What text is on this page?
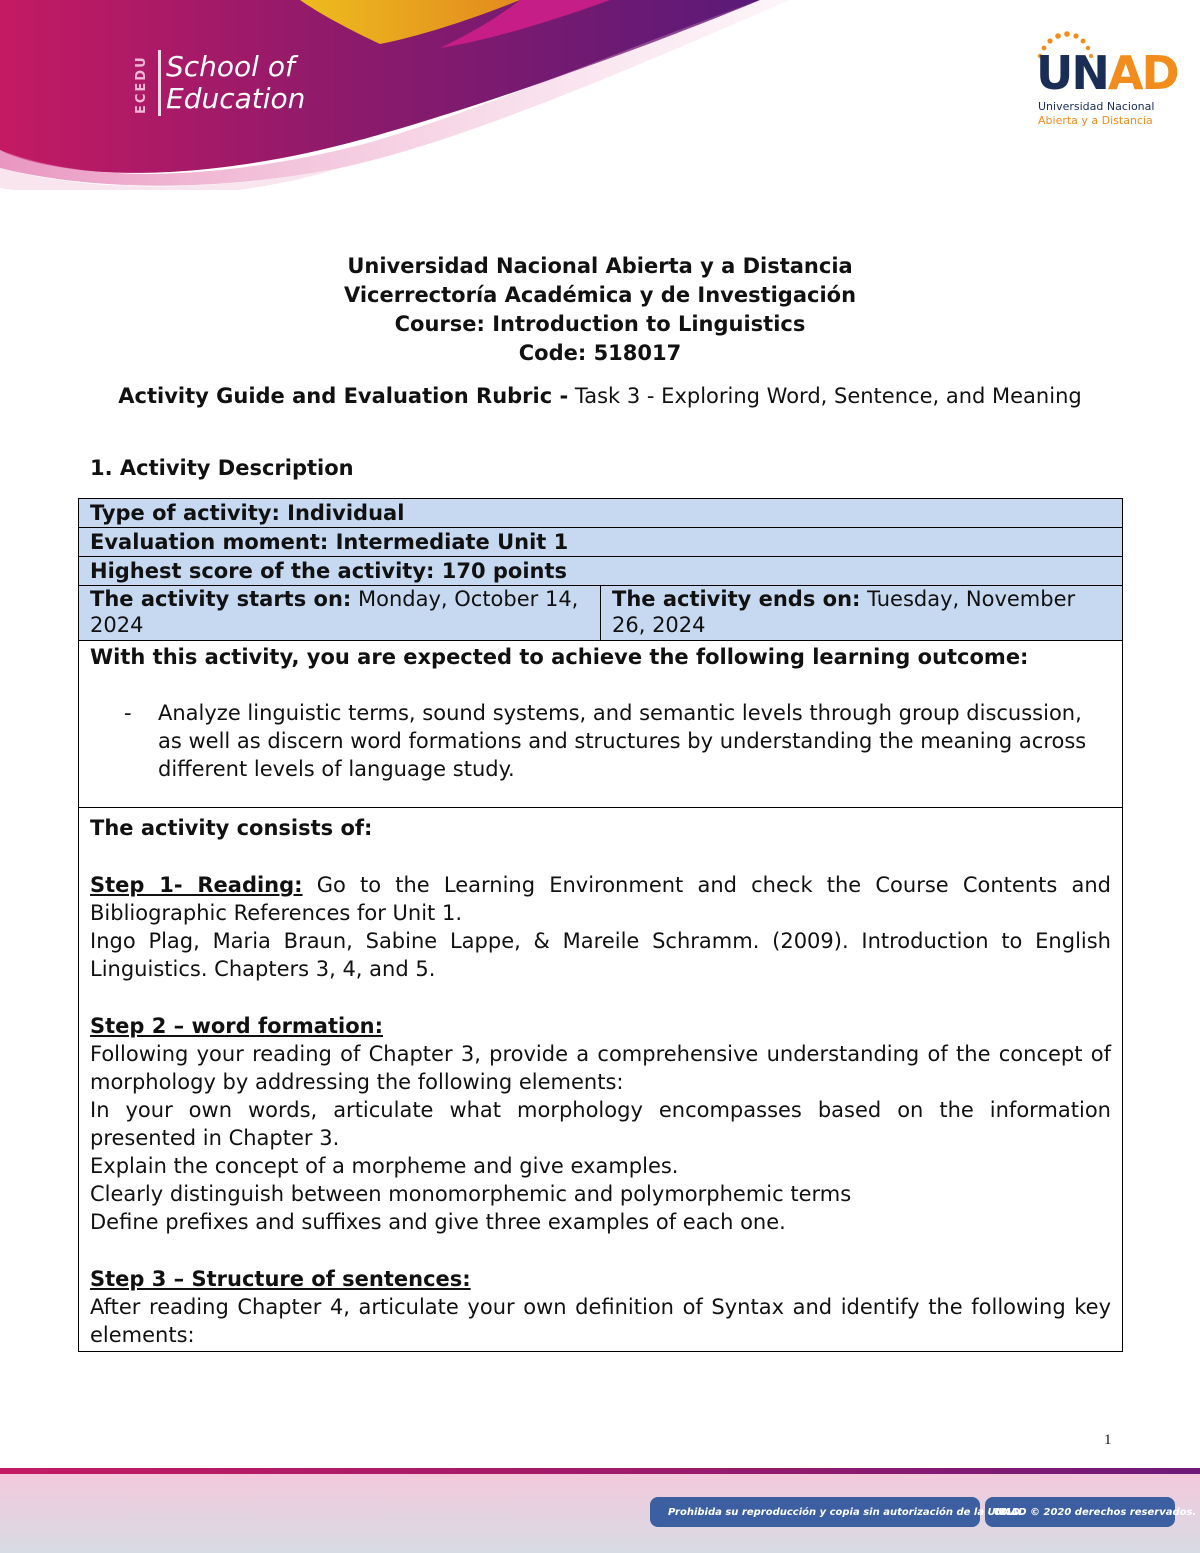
ECEDU School of
Education	UNAD
Universidad Nacional
Abierta y a Distancia
Universidad Nacional Abierta y a Distancia
Vicerrectoría Académica y de Investigación
Course: Introduction to Linguistics
Code: 518017
Activity Guide and Evaluation Rubric - Task 3 - Exploring Word, Sentence, and Meaning
1. Activity Description
Type of activity: Individual
Evaluation moment: Intermediate Unit 1
Highest score of the activity: 170 points
The activity starts on: Monday, October 14, 2024	The activity ends on: Tuesday, November 26, 2024

With this activity, you are expected to achieve the following learning outcome:
-	Analyze linguistic terms, sound systems, and semantic levels through group discussion, as well as discern word formations and structures by understanding the meaning across different levels of language study.

The activity consists of:
Step 1- Reading: Go to the Learning Environment and check the Course Contents and Bibliographic References for Unit 1.
Ingo Plag, Maria Braun, Sabine Lappe, & Mareile Schramm. (2009). Introduction to English Linguistics. Chapters 3, 4, and 5.
Step 2 – word formation:
Following your reading of Chapter 3, provide a comprehensive understanding of the concept of morphology by addressing the following elements:
In your own words, articulate what morphology encompasses based on the information presented in Chapter 3.
Explain the concept of a morpheme and give examples.
Clearly distinguish between monomorphemic and polymorphemic terms
Define prefixes and suffixes and give three examples of each one.
Step 3 – Structure of sentences:
After reading Chapter 4, articulate your own definition of Syntax and identify the following key elements:
1
Prohibida su reproducción y copia sin autorización de la UNAD.
UNAD © 2020 derechos reservados.
